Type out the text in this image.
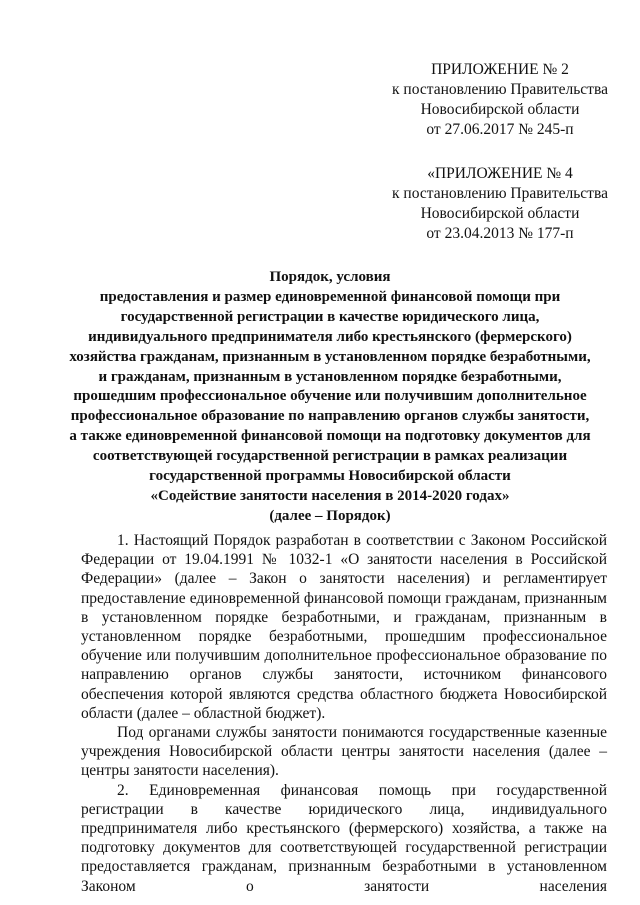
ПРИЛОЖЕНИЕ № 2
к постановлению Правительства
Новосибирской области
от 27.06.2017 № 245-п
«ПРИЛОЖЕНИЕ № 4
к постановлению Правительства
Новосибирской области
от 23.04.2013 № 177-п
Порядок, условия
предоставления и размер единовременной финансовой помощи при
государственной регистрации в качестве юридического лица,
индивидуального предпринимателя либо крестьянского (фермерского)
хозяйства гражданам, признанным в установленном порядке безработными,
и гражданам, признанным в установленном порядке безработными,
прошедшим профессиональное обучение или получившим дополнительное
профессиональное образование по направлению органов службы занятости,
а также единовременной финансовой помощи на подготовку документов для
соответствующей государственной регистрации в рамках реализации
государственной программы Новосибирской области
«Содействие занятости населения в 2014-2020 годах»
(далее – Порядок)

1. Настоящий Порядок разработан в соответствии с Законом Российской Федерации от 19.04.1991 № 1032-1 «О занятости населения в Российской Федерации» (далее – Закон о занятости населения) и регламентирует предоставление единовременной финансовой помощи гражданам, признанным в установленном порядке безработными, и гражданам, признанным в установленном порядке безработными, прошедшим профессиональное обучение или получившим дополнительное профессиональное образование по направлению органов службы занятости, источником финансового обеспечения которой являются средства областного бюджета Новосибирской области (далее – областной бюджет).

Под органами службы занятости понимаются государственные казенные учреждения Новосибирской области центры занятости населения (далее – центры занятости населения).

2. Единовременная финансовая помощь при государственной регистрации в качестве юридического лица, индивидуального предпринимателя либо крестьянского (фермерского) хозяйства, а также на подготовку документов для соответствующей государственной регистрации предоставляется гражданам, признанным безработными в установленном Законом о занятости населения
